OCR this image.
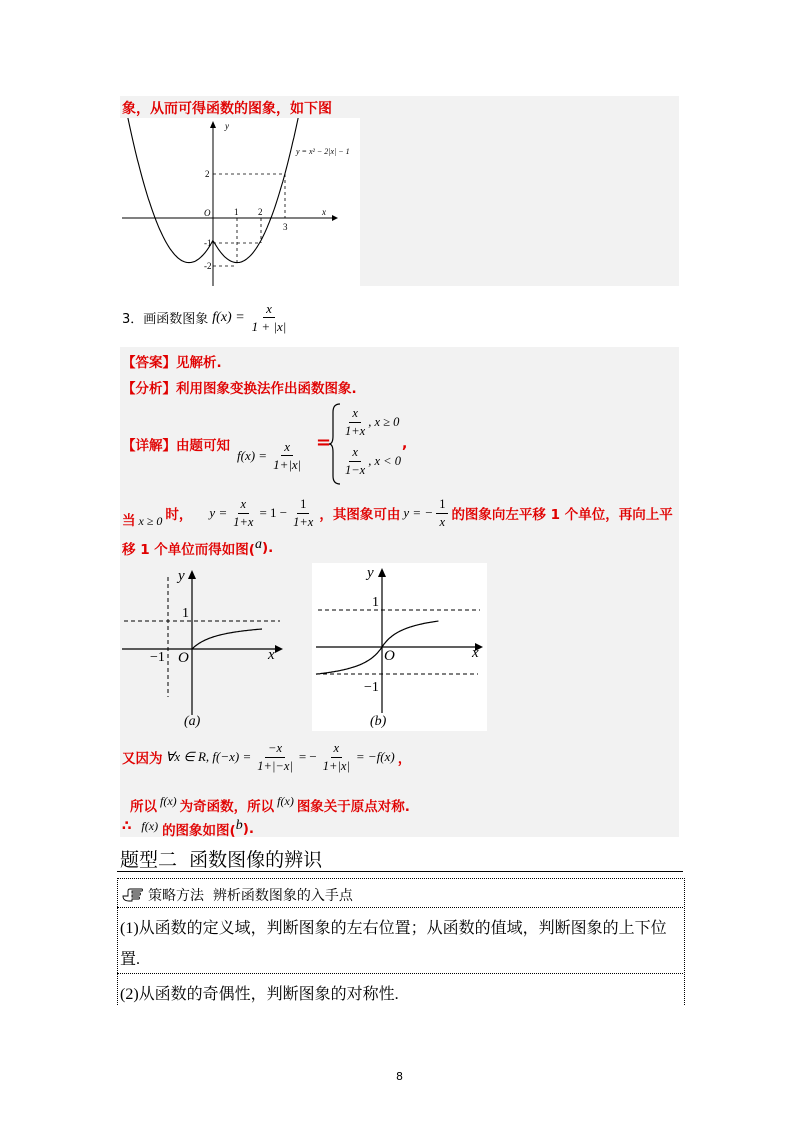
象，从而可得函数的图象，如下图
y
x
O	1 2
3
2
-1
-2
y = x² − 2|x| − 1
3．画函数图象 $f(x) = \frac{x}{1 + |x|}$
【答案】见解析.
【分析】利用图象变换法作出函数图象.
【详解】由题可知
$f(x) = \frac{x}{1+|x|}$ =
$\frac{x}{1+x}$ , x ≥ 0
$\frac{x}{1-x}$ , x < 0
,
当 x ≥ 0 时， $y = \frac{x}{1+x} = 1 - \frac{1}{1+x}$ ，其图象可由 y = − $\frac{1}{x}$ 的图象向左平移 1 个单位，再向上平
移 1 个单位而得如图( a ).
y
x
O
1
−1
(a)
y
x
O
1
−1
(b)
又因为 ∀x ∈ R, $f(-x) = \frac{-x}{1+|-x|}$ = − $\frac{x}{1+|x|} = -f(x)$ ，
所以 f(x) 为奇函数，所以 f(x) 图象关于原点对称.
∴ f(x) 的图象如图( b ).
题型二  函数图像的辨识
策略方法  辨析函数图象的入手点
(1)从函数的定义域，判断图象的左右位置；从函数的值域，判断图象的上下位
置.
(2)从函数的奇偶性，判断图象的对称性.
8
